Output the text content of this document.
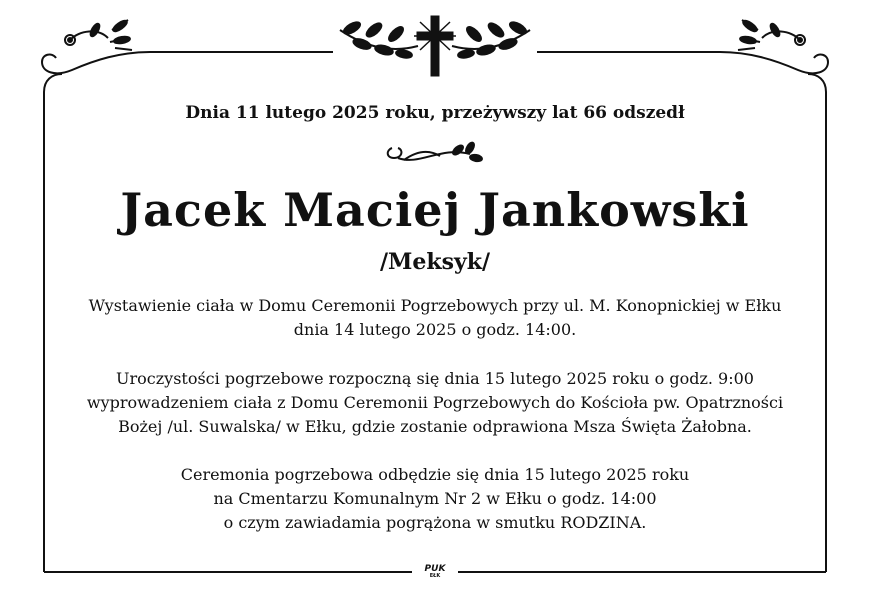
Dnia 11 lutego 2025 roku, przeżywszy lat 66 odszedł
Jacek Maciej Jankowski
/Meksyk/
Wystawienie ciała w Domu Ceremonii Pogrzebowych przy ul. M. Konopnickiej w Ełku
dnia 14 lutego 2025 o godz. 14:00.
Uroczystości pogrzebowe rozpoczną się dnia 15 lutego 2025 roku o godz. 9:00
wyprowadzeniem ciała z Domu Ceremonii Pogrzebowych do Kościoła pw. Opatrzności
Bożej /ul. Suwalska/ w Ełku, gdzie zostanie odprawiona Msza Święta Żałobna.
Ceremonia pogrzebowa odbędzie się dnia 15 lutego 2025 roku
na Cmentarzu Komunalnym Nr 2 w Ełku o godz. 14:00
o czym zawiadamia pogrążona w smutku RODZINA.
PUK
EŁK
